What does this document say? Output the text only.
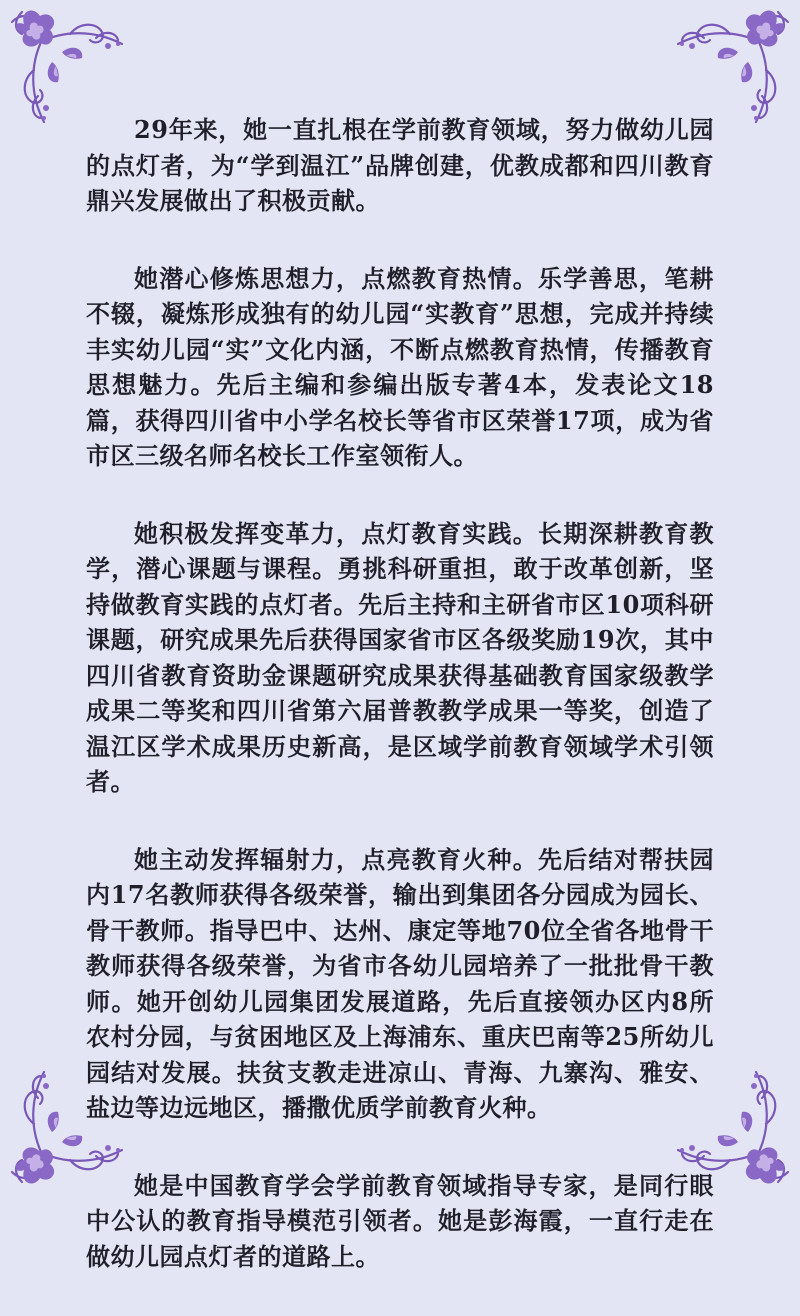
29年来，她一直扎根在学前教育领域，努力做幼儿园的点灯者，为“学到温江”品牌创建，优教成都和四川教育鼎兴发展做出了积极贡献。

她潜心修炼思想力，点燃教育热情。乐学善思，笔耕不辍，凝炼形成独有的幼儿园“实教育”思想，完成并持续丰实幼儿园“实”文化内涵，不断点燃教育热情，传播教育思想魅力。先后主编和参编出版专著4本，发表论文18篇，获得四川省中小学名校长等省市区荣誉17项，成为省市区三级名师名校长工作室领衔人。

她积极发挥变革力，点灯教育实践。长期深耕教育教学，潜心课题与课程。勇挑科研重担，敢于改革创新，坚持做教育实践的点灯者。先后主持和主研省市区10项科研课题，研究成果先后获得国家省市区各级奖励19次，其中四川省教育资助金课题研究成果获得基础教育国家级教学成果二等奖和四川省第六届普教教学成果一等奖，创造了温江区学术成果历史新高，是区域学前教育领域学术引领者。

她主动发挥辐射力，点亮教育火种。先后结对帮扶园内17名教师获得各级荣誉，输出到集团各分园成为园长、骨干教师。指导巴中、达州、康定等地70位全省各地骨干教师获得各级荣誉，为省市各幼儿园培养了一批批骨干教师。她开创幼儿园集团发展道路，先后直接领办区内8所农村分园，与贫困地区及上海浦东、重庆巴南等25所幼儿园结对发展。扶贫支教走进凉山、青海、九寨沟、雅安、盐边等边远地区，播撒优质学前教育火种。

她是中国教育学会学前教育领域指导专家，是同行眼中公认的教育指导模范引领者。她是彭海霞，一直行走在做幼儿园点灯者的道路上。
